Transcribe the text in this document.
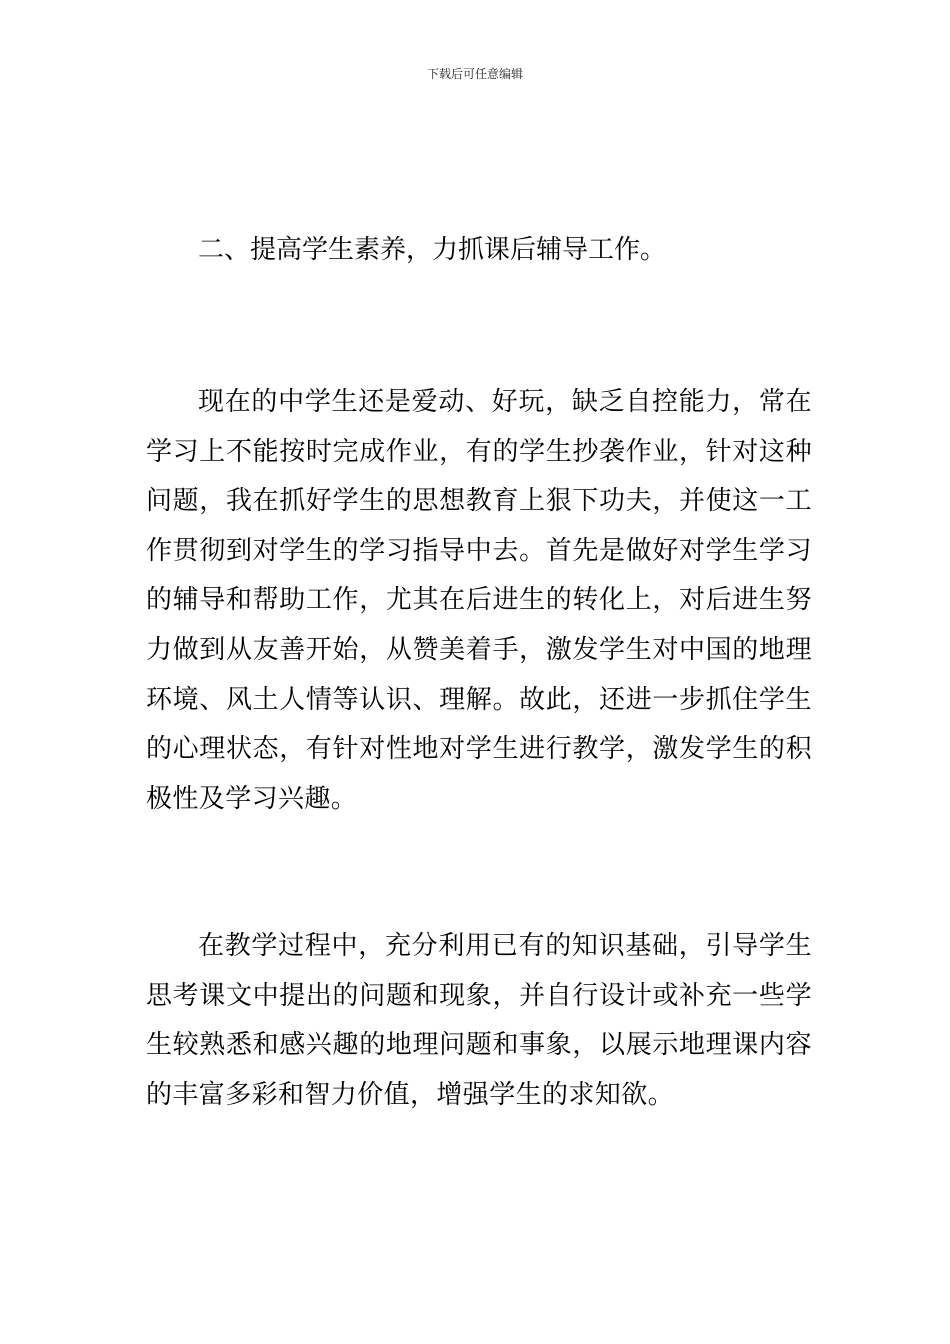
下载后可任意编辑
二、提高学生素养，力抓课后辅导工作。

现在的中学生还是爱动、好玩，缺乏自控能力，常在学习上不能按时完成作业，有的学生抄袭作业，针对这种问题，我在抓好学生的思想教育上狠下功夫，并使这一工作贯彻到对学生的学习指导中去。首先是做好对学生学习的辅导和帮助工作，尤其在后进生的转化上，对后进生努力做到从友善开始，从赞美着手，激发学生对中国的地理环境、风土人情等认识、理解。故此，还进一步抓住学生的心理状态，有针对性地对学生进行教学，激发学生的积极性及学习兴趣。

在教学过程中，充分利用已有的知识基础，引导学生思考课文中提出的问题和现象，并自行设计或补充一些学生较熟悉和感兴趣的地理问题和事象，以展示地理课内容的丰富多彩和智力价值，增强学生的求知欲。
